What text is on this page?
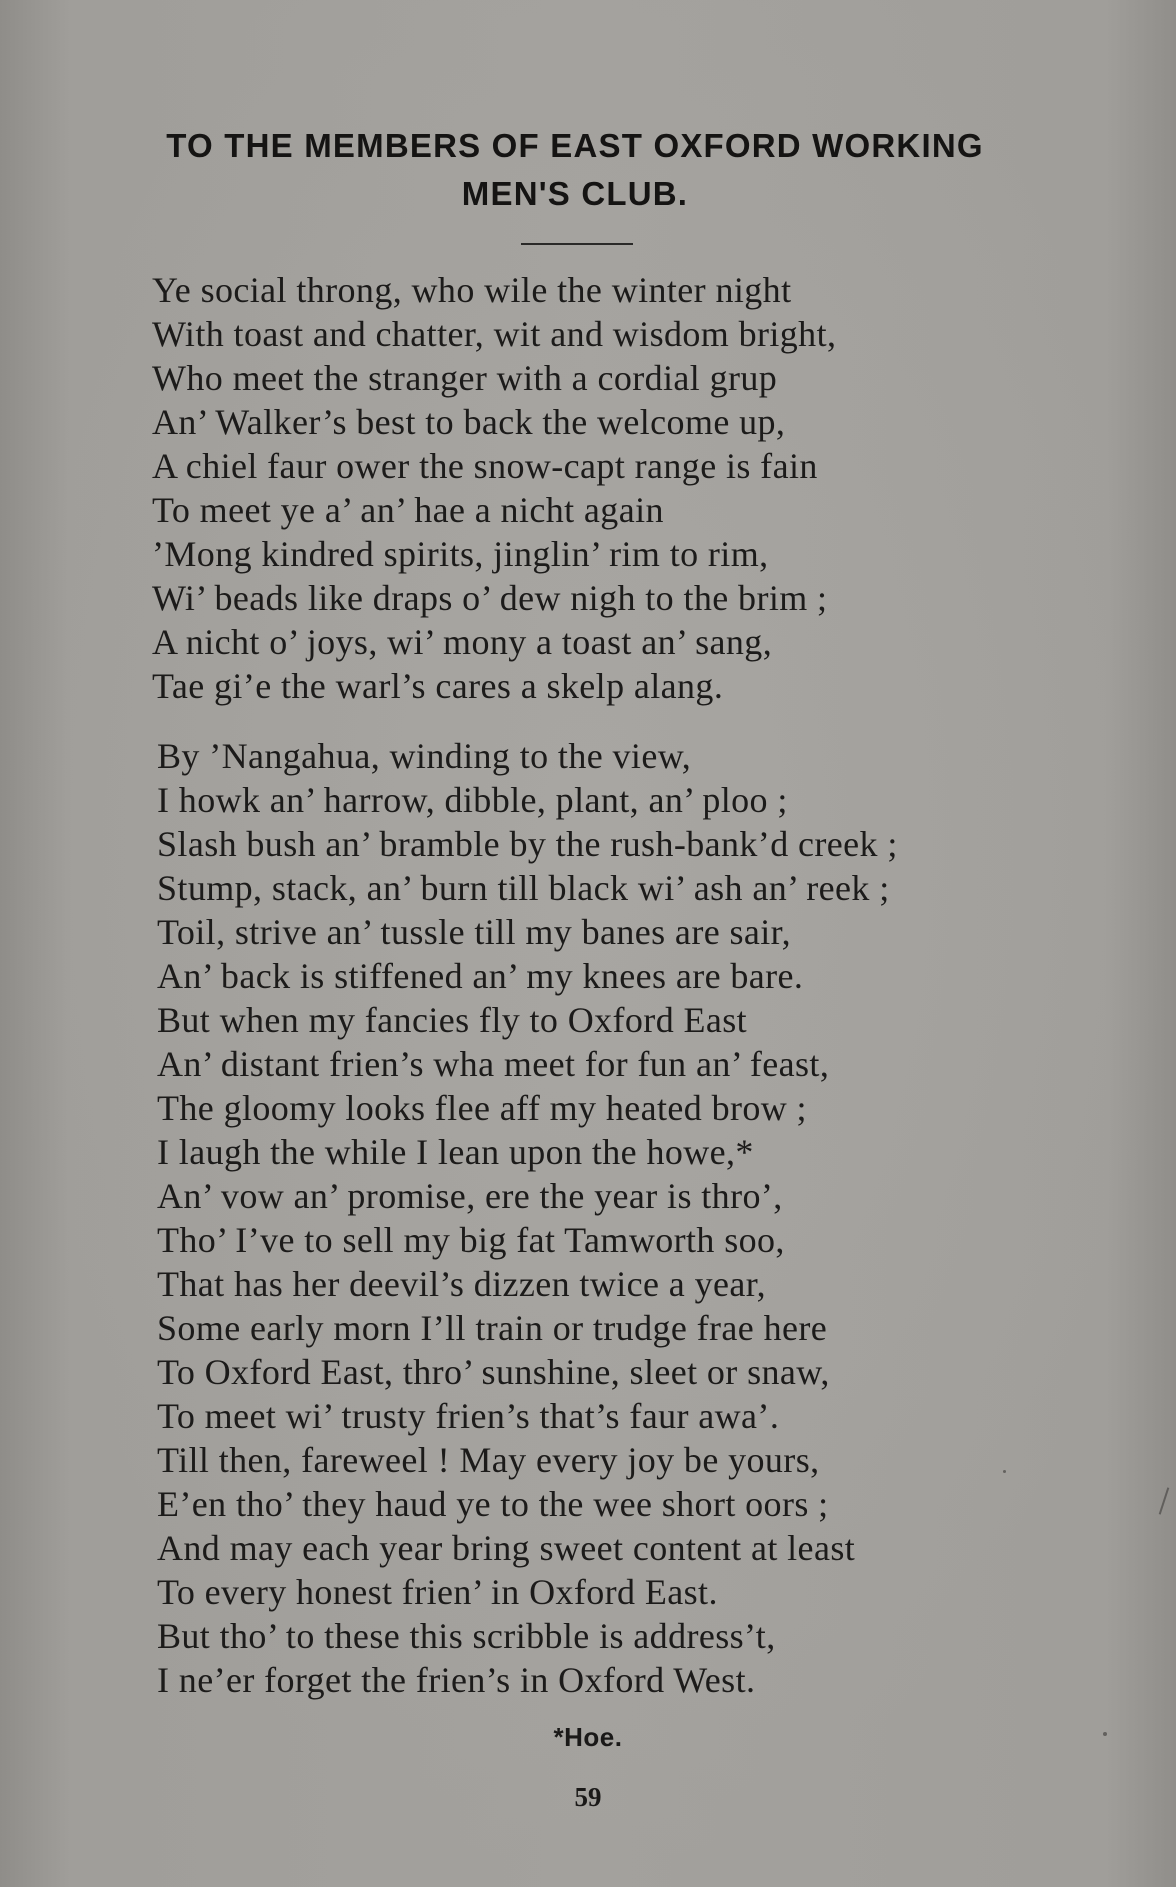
TO THE MEMBERS OF EAST OXFORD WORKING
MEN'S CLUB.
Ye social throng, who wile the winter night
With toast and chatter, wit and wisdom bright,
Who meet the stranger with a cordial grup
An’ Walker’s best to back the welcome up,
A chiel faur ower the snow-capt range is fain
To meet ye a’ an’ hae a nicht again
’Mong kindred spirits, jinglin’ rim to rim,
Wi’ beads like draps o’ dew nigh to the brim ;
A nicht o’ joys, wi’ mony a toast an’ sang,
Tae gi’e the warl’s cares a skelp alang.
By ’Nangahua, winding to the view,
I howk an’ harrow, dibble, plant, an’ ploo ;
Slash bush an’ bramble by the rush-bank’d creek ;
Stump, stack, an’ burn till black wi’ ash an’ reek ;
Toil, strive an’ tussle till my banes are sair,
An’ back is stiffened an’ my knees are bare.
But when my fancies fly to Oxford East
An’ distant frien’s wha meet for fun an’ feast,
The gloomy looks flee aff my heated brow ;
I laugh the while I lean upon the howe,*
An’ vow an’ promise, ere the year is thro’,
Tho’ I’ve to sell my big fat Tamworth soo,
That has her deevil’s dizzen twice a year,
Some early morn I’ll train or trudge frae here
To Oxford East, thro’ sunshine, sleet or snaw,
To meet wi’ trusty frien’s that’s faur awa’.
Till then, fareweel ! May every joy be yours,
E’en tho’ they haud ye to the wee short oors ;
And may each year bring sweet content at least
To every honest frien’ in Oxford East.
But tho’ to these this scribble is address’t,
I ne’er forget the frien’s in Oxford West.
*Hoe.
59
